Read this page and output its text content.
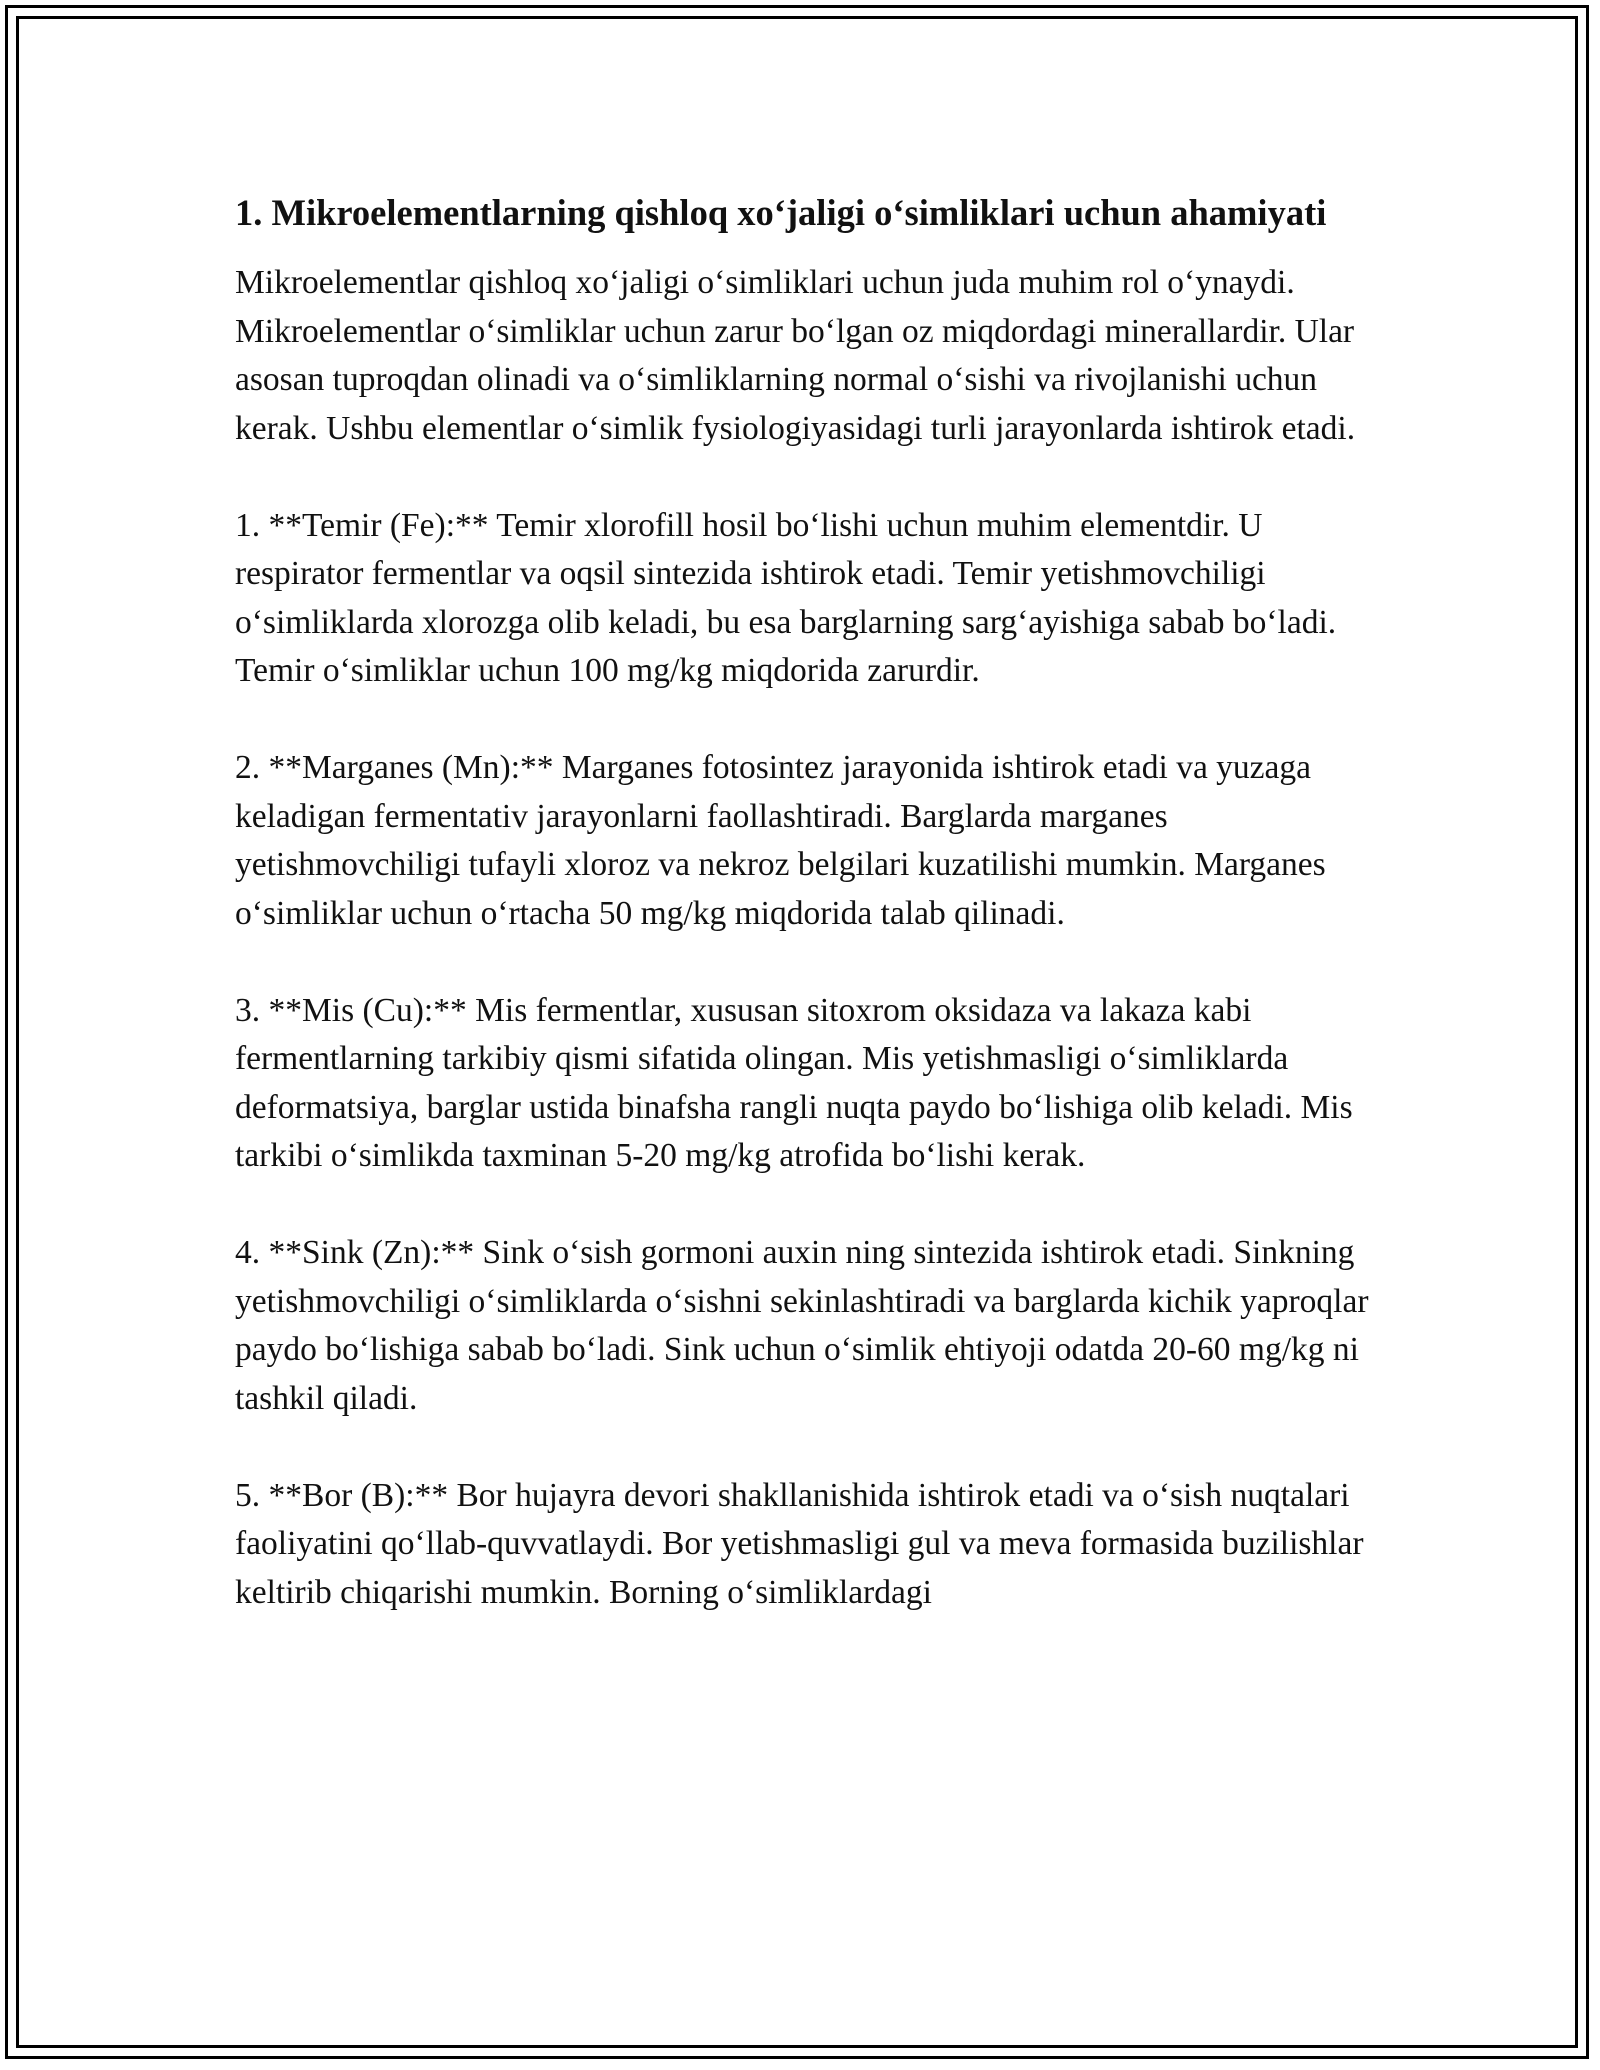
1. Mikroelementlarning qishloq xo‘jaligi o‘simliklari uchun ahamiyati

Mikroelementlar qishloq xo‘jaligi o‘simliklari uchun juda muhim rol o‘ynaydi. Mikroelementlar o‘simliklar uchun zarur bo‘lgan oz miqdordagi minerallardir. Ular asosan tuproqdan olinadi va o‘simliklarning normal o‘sishi va rivojlanishi uchun kerak. Ushbu elementlar o‘simlik fysiologiyasidagi turli jarayonlarda ishtirok etadi.

1. **Temir (Fe):** Temir xlorofill hosil bo‘lishi uchun muhim elementdir. U respirator fermentlar va oqsil sintezida ishtirok etadi. Temir yetishmovchiligi o‘simliklarda xlorozga olib keladi, bu esa barglarning sarg‘ayishiga sabab bo‘ladi. Temir o‘simliklar uchun 100 mg/kg miqdorida zarurdir.

2. **Marganes (Mn):** Marganes fotosintez jarayonida ishtirok etadi va yuzaga keladigan fermentativ jarayonlarni faollashtiradi. Barglarda marganes yetishmovchiligi tufayli xloroz va nekroz belgilari kuzatilishi mumkin. Marganes o‘simliklar uchun o‘rtacha 50 mg/kg miqdorida talab qilinadi.

3. **Mis (Cu):** Mis fermentlar, xususan sitoxrom oksidaza va lakaza kabi fermentlarning tarkibiy qismi sifatida olingan. Mis yetishmasligi o‘simliklarda deformatsiya, barglar ustida binafsha rangli nuqta paydo bo‘lishiga olib keladi. Mis tarkibi o‘simlikda taxminan 5-20 mg/kg atrofida bo‘lishi kerak.

4. **Sink (Zn):** Sink o‘sish gormoni auxin ning sintezida ishtirok etadi. Sinkning yetishmovchiligi o‘simliklarda o‘sishni sekinlashtiradi va barglarda kichik yaproqlar paydo bo‘lishiga sabab bo‘ladi. Sink uchun o‘simlik ehtiyoji odatda 20-60 mg/kg ni tashkil qiladi.

5. **Bor (B):** Bor hujayra devori shakllanishida ishtirok etadi va o‘sish nuqtalari faoliyatini qo‘llab-quvvatlaydi. Bor yetishmasligi gul va meva formasida buzilishlar keltirib chiqarishi mumkin. Borning o‘simliklardagi
